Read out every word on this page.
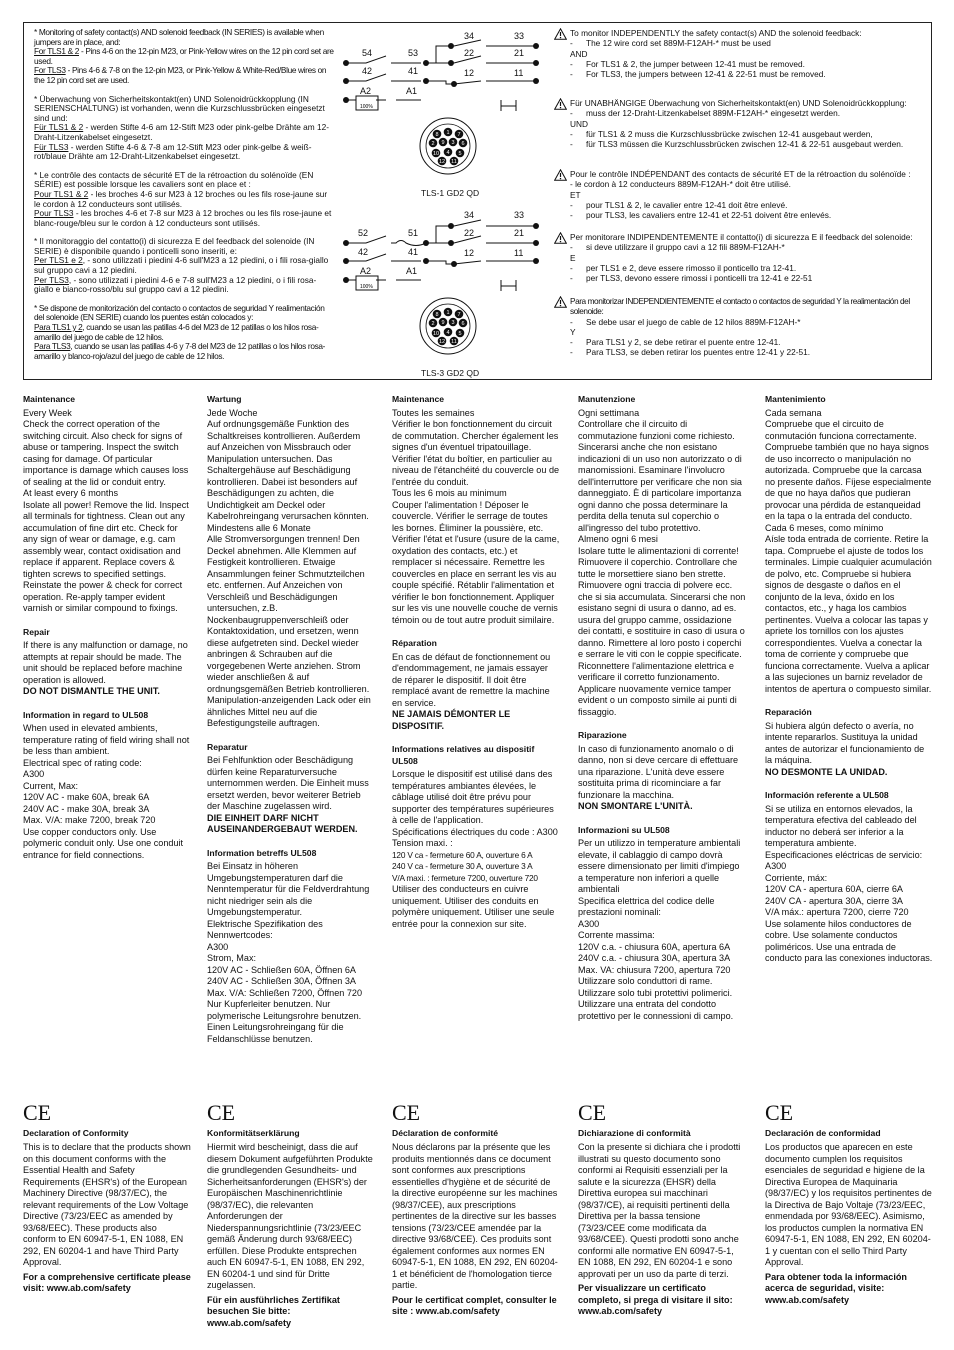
* Monitoring of safety contact(s) AND solenoid feedback (IN SERIES) is available when jumpers are in place, and:
For TLS1 & 2 - Pins 4-6 on the 12-pin M23, or Pink-Yellow wires on the 12 pin cord set are used.
For TLS3 - Pins 4-6 & 7-8 on the 12-pin M23, or Pink-Yellow & White-Red/Blue wires on the 12 pin cord set are used.

* Überwachung von Sicherheitskontakt(en) UND Solenoidrückkopplung (IN SERIENSCHALTUNG) ist vorhanden, wenn die Kurzschlussbrücken eingesetzt sind und:
Für TLS1 & 2 - werden Stifte 4-6 am 12-Stift M23 oder pink-gelbe Drähte am 12-Draht-Litzenkabelset eingesetzt.
Für TLS3 - werden Stifte 4-6 & 7-8 am 12-Stift M23 oder pink-gelbe & weiß-rot/blaue Drähte am 12-Draht-Litzenkabelset eingesetzt.

* Le contrôle des contacts de sécurité ET de la rétroaction du solénoïde (EN SÉRIE) est possible lorsque les cavaliers sont en place et :
Pour TLS1 & 2 - les broches 4-6 sur M23 à 12 broches ou les fils rose-jaune sur le cordon à 12 conducteurs sont utilisés.
Pour TLS3 - les broches 4-6 et 7-8 sur M23 à 12 broches ou les fils rose-jaune et blanc-rouge/bleu sur le cordon à 12 conducteurs sont utilisés.

* Il monitoraggio del contatto(i) di sicurezza E del feedback del solenoide (IN SERIE) è disponibile quando i ponticelli sono inseriti, e:
Per TLS1 e 2, - sono utilizzati i piedini 4-6 sull'M23 a 12 piedini, o i fili rosa-giallo sul gruppo cavi a 12 piedini.
Per TLS3, - sono utilizzati i piedini 4-6 e 7-8 sull'M23 a 12 piedini, o i fili rosa-giallo e bianco-rosso/blu sul gruppo cavi a 12 piedini.

* Se dispone de monitorización del contacto o contactos de seguridad Y realimentación del solenoide (EN SERIE) cuando los puentes están colocados y:
Para TLS1 y 2, cuando se usan las patillas 4-6 del M23 de 12 patillas o los hilos rosa-amarillo del juego de cable de 12 hilos.
Para TLS3, cuando se usan las patillas 4-6 y 7-8 del M23 de 12 patillas o los hilos rosa-amarillo y blanco-rojo/azul del juego de cable de 12 hilos.

54	53
34	33
22	21
42	41	12	11
A2	A1
100%
8 1 7
2 9 3 6
10 4 5
12 11
TLS-1 GD2 QD
52	51
34	33
22	21
42	41	12	11
A2	A1
100%
8 1 7
2 9 3 6
10 4 5
12 11
TLS-3 GD2 QD
To monitor INDEPENDENTLY the safety contact(s) AND the solenoid feedback:
- The 12 wire cord set 889M-F12AH-* must be used
AND
- For TLS1 & 2, the jumper between 12-41 must be removed.
- For TLS3, the jumpers between 12-41 & 22-51 must be removed.
Für UNABHÄNGIGE Überwachung von Sicherheitskontakt(en) UND Solenoidrückkopplung:
- muss der 12-Draht-Litzenkabelset 889M-F12AH-* eingesetzt werden.
UND
- für TLS1 & 2 muss die Kurzschlussbrücke zwischen 12-41 ausgebaut werden,
- für TLS3 müssen die Kurzschlussbrücken zwischen 12-41 & 22-51 ausgebaut werden.
Pour le contrôle INDÉPENDANT des contacts de sécurité ET de la rétroaction du solénoïde :
- le cordon à 12 conducteurs 889M-F12AH-* doit être utilisé.
ET
- pour TLS1 & 2, le cavalier entre 12-41 doit être enlevé.
- pour TLS3, les cavaliers entre 12-41 et 22-51 doivent être enlevés.
Per monitorare INDIPENDENTEMENTE il contatto(i) di sicurezza E il feedback del solenoide:
- si deve utilizzare il gruppo cavi a 12 fili 889M-F12AH-*
E
- per TLS1 e 2, deve essere rimosso il ponticello tra 12-41.
- per TLS3, devono essere rimossi i ponticelli tra 12-41 e 22-51
Para monitorizar INDEPENDIENTEMENTE el contacto o contactos de seguridad Y la realimentación del solenoide:
- Se debe usar el juego de cable de 12 hilos 889M-F12AH-*
Y
- Para TLS1 y 2, se debe retirar el puente entre 12-41.
- Para TLS3, se deben retirar los puentes entre 12-41 y 22-51.
Maintenance
Every Week
Check the correct operation of the switching circuit. Also check for signs of abuse or tampering. Inspect the switch casing for damage. Of particular importance is damage which causes loss of sealing at the lid or conduit entry.
At least every 6 months
Isolate all power! Remove the lid. Inspect all terminals for tightness. Clean out any accumulation of fine dirt etc. Check for any sign of wear or damage, e.g. cam assembly wear, contact oxidisation and replace if apparent. Replace covers & tighten screws to specified settings. Reinstate the power & check for correct operation. Re-apply tamper evident varnish or similar compound to fixings.
Repair
If there is any malfunction or damage, no attempts at repair should be made. The unit should be replaced before machine operation is allowed.
DO NOT DISMANTLE THE UNIT.
Information in regard to UL508
When used in elevated ambients, temperature rating of field wiring shall not be less than ambient.
Electrical spec of rating code:
A300
Current, Max:
120V AC - make 60A, break 6A
240V AC - make 30A, break 3A
Max. V/A: make 7200, break 720
Use copper conductors only. Use polymeric conduit only. Use one conduit entrance for field connections.
Wartung
Jede Woche
Auf ordnungsgemäße Funktion des Schaltkreises kontrollieren. Außerdem auf Anzeichen von Missbrauch oder Manipulation untersuchen. Das Schaltergehäuse auf Beschädigung kontrollieren. Dabei ist besonders auf Beschädigungen zu achten, die Undichtigkeit am Deckel oder Kabelrohreingang verursachen könnten.
Mindestens alle 6 Monate
Alle Stromversorgungen trennen! Den Deckel abnehmen. Alle Klemmen auf Festigkeit kontrollieren. Etwaige Ansammlungen feiner Schmutzteilchen etc. entfernen. Auf Anzeichen von Verschleiß und Beschädigungen untersuchen, z.B. Nockenbaugruppenverschleiß oder Kontaktoxidation, und ersetzen, wenn diese aufgetreten sind. Deckel wieder anbringen & Schrauben auf die vorgegebenen Werte anziehen. Strom wieder anschließen & auf ordnungsgemäßen Betrieb kontrollieren. Manipulation-anzeigenden Lack oder ein ähnliches Mittel neu auf die Befestigungsteile auftragen.
Reparatur
Bei Fehlfunktion oder Beschädigung dürfen keine Reparaturversuche unternommen werden. Die Einheit muss ersetzt werden, bevor weiterer Betrieb der Maschine zugelassen wird.
DIE EINHEIT DARF NICHT AUSEINANDERGEBAUT WERDEN.
Information betreffs UL508
Bei Einsatz in höheren Umgebungstemperaturen darf die Nenntemperatur für die Feldverdrahtung nicht niedriger sein als die Umgebungstemperatur.
Elektrische Spezifikation des Nennwertcodes:
A300
Strom, Max:
120V AC - Schließen 60A, Öffnen 6A
240V AC - Schließen 30A, Öffnen 3A
Max. V/A: Schließen 7200, Öffnen 720
Nur Kupferleiter benutzen. Nur polymerische Leitungsrohre benutzen. Einen Leitungsrohreingang für die Feldanschlüsse benutzen.
Maintenance
Toutes les semaines
Vérifier le bon fonctionnement du circuit de commutation. Chercher également les signes d'un éventuel tripatouillage. Vérifier l'état du boîtier, en particulier au niveau de l'étanchéité du couvercle ou de l'entrée du conduit.
Tous les 6 mois au minimum
Couper l'alimentation ! Déposer le couvercle. Vérifier le serrage de toutes les bornes. Éliminer la poussière, etc. Vérifier l'état et l'usure (usure de la came, oxydation des contacts, etc.) et remplacer si nécessaire. Remettre les couvercles en place en serrant les vis au couple spécifié. Rétablir l'alimentation et vérifier le bon fonctionnement. Appliquer sur les vis une nouvelle couche de vernis témoin ou de tout autre produit similaire.
Réparation
En cas de défaut de fonctionnement ou d'endommagement, ne jamais essayer de réparer le dispositif. Il doit être remplacé avant de remettre la machine en service.
NE JAMAIS DÉMONTER LE DISPOSITIF.
Informations relatives au dispositif UL508
Lorsque le dispositif est utilisé dans des températures ambiantes élevées, le câblage utilisé doit être prévu pour supporter des températures supérieures à celle de l'application.
Spécifications électriques du code : A300
Tension maxi. :
120 V ca - fermeture 60 A, ouverture 6 A
240 V ca - fermeture 30 A, ouverture 3 A
V/A maxi. : fermeture 7200, ouverture 720
Utiliser des conducteurs en cuivre uniquement. Utiliser des conduits en polymère uniquement. Utiliser une seule entrée pour la connexion sur site.
Manutenzione
Ogni settimana
Controllare che il circuito di commutazione funzioni come richiesto. Sincerarsi anche che non esistano indicazioni di un uso non autorizzato o di manomissioni. Esaminare l'involucro dell'interruttore per verificare che non sia danneggiato. È di particolare importanza ogni danno che possa determinare la perdita della tenuta sul coperchio o all'ingresso del tubo protettivo.
Almeno ogni 6 mesi
Isolare tutte le alimentazioni di corrente! Rimuovere il coperchio. Controllare che tutte le morsettiere siano ben strette. Rimuovere ogni traccia di polvere ecc. che si sia accumulata. Sincerarsi che non esistano segni di usura o danno, ad es. usura del gruppo camme, ossidazione dei contatti, e sostituire in caso di usura o danno. Rimettere al loro posto i coperchi e serrare le viti con le coppie specificate. Riconnettere l'alimentazione elettrica e verificare il corretto funzionamento. Applicare nuovamente vernice tamper evident o un composto simile ai punti di fissaggio.
Riparazione
In caso di funzionamento anomalo o di danno, non si deve cercare di effettuare una riparazione. L'unità deve essere sostituita prima di ricominciare a far funzionare la macchina.
NON SMONTARE L'UNITÀ.
Informazioni su UL508
Per un utilizzo in temperature ambientali elevate, il cablaggio di campo dovrà essere dimensionato per limiti d'impiego a temperature non inferiori a quelle ambientali
Specifica elettrica del codice delle prestazioni nominali:
A300
Corrente massima:
120V c.a. - chiusura 60A, apertura 6A
240V c.a. - chiusura 30A, apertura 3A
Max. VA: chiusura 7200, apertura 720
Utilizzare solo conduttori di rame. Utilizzare solo tubi protettivi polimerici. Utilizzare una entrata del condotto protettivo per le connessioni di campo.
Mantenimiento
Cada semana
Compruebe que el circuito de conmutación funciona correctamente. Compruebe también que no haya signos de uso incorrecto o manipulación no autorizada. Compruebe que la carcasa no presente daños. Fíjese especialmente de que no haya daños que pudieran provocar una pérdida de estanqueidad en la tapa o la entrada del conducto.
Cada 6 meses, como mínimo
Aísle toda entrada de corriente. Retire la tapa. Compruebe el ajuste de todos los terminales. Limpie cualquier acumulación de polvo, etc. Compruebe si hubiera signos de desgaste o daños en el conjunto de la leva, óxido en los contactos, etc., y haga los cambios pertinentes. Vuelva a colocar las tapas y apriete los tornillos con los ajustes correspondientes. Vuelva a conectar la toma de corriente y compruebe que funciona correctamente. Vuelva a aplicar a las sujeciones un barniz revelador de intentos de apertura o compuesto similar.
Reparación
Si hubiera algún defecto o avería, no intente repararlos. Sustituya la unidad antes de autorizar el funcionamiento de la máquina.
NO DESMONTE LA UNIDAD.
Información referente a UL508
Si se utiliza en entornos elevados, la temperatura efectiva del cableado del inductor no deberá ser inferior a la temperatura ambiente.
Especificaciones eléctricas de servicio:
A300
Corriente, máx:
120V CA - apertura 60A, cierre 6A
240V CA - apertura 30A, cierre 3A
V/A máx.: apertura 7200, cierre 720
Use solamente hilos conductores de cobre. Use solamente conductos poliméricos. Use una entrada de conducto para las conexiones inductoras.
CE
Declaration of Conformity
This is to declare that the products shown on this document conforms with the Essential Health and Safety Requirements (EHSR's) of the European Machinery Directive (98/37/EC), the relevant requirements of the Low Voltage Directive (73/23/EEC as amended by 93/68/EEC). These products also conform to EN 60947-5-1, EN 1088, EN 292, EN 60204-1 and have Third Party Approval.
For a comprehensive certificate please visit: www.ab.com/safety
CE
Konformitätserklärung
Hiermit wird bescheinigt, dass die auf diesem Dokument aufgeführten Produkte die grundlegenden Gesundheits- und Sicherheitsanforderungen (EHSR's) der Europäischen Maschinenrichtlinie (98/37/EC), die relevanten Anforderungen der Niederspannungsrichtlinie (73/23/EEC gemäß Änderung durch 93/68/EEC) erfüllen. Diese Produkte entsprechen auch EN 60947-5-1, EN 1088, EN 292, EN 60204-1 und sind für Dritte zugelassen.
Für ein ausführliches Zertifikat besuchen Sie bitte: www.ab.com/safety
CE
Déclaration de conformité
Nous déclarons par la présente que les produits mentionnés dans ce document sont conformes aux prescriptions essentielles d'hygiène et de sécurité de la directive européenne sur les machines (98/37/CEE), aux prescriptions pertinentes de la directive sur les basses tensions (73/23/CEE amendée par la directive 93/68/CEE). Ces produits sont également conformes aux normes EN 60947-5-1, EN 1088, EN 292, EN 60204-1 et bénéficient de l'homologation tierce partie.
Pour le certificat complet, consulter le site : www.ab.com/safety
CE
Dichiarazione di conformità
Con la presente si dichiara che i prodotti illustrati su questo documento sono conformi ai Requisiti essenziali per la salute e la sicurezza (EHSR) della Direttiva europea sui macchinari (98/37/CE), ai requisiti pertinenti della Direttiva per la bassa tensione (73/23/CEE come modificata da 93/68/CEE). Questi prodotti sono anche conformi alle normative EN 60947-5-1, EN 1088, EN 292, EN 60204-1 e sono approvati per un uso da parte di terzi.
Per visualizzare un certificato completo, si prega di visitare il sito: www.ab.com/safety
CE
Declaración de conformidad
Los productos que aparecen en este documento cumplen los requisitos esenciales de seguridad e higiene de la Directiva Europea de Maquinaria (98/37/EC) y los requisitos pertinentes de la Directiva de Bajo Voltaje (73/23/EEC, enmendada por 93/68/EEC). Asimismo, los productos cumplen la normativa EN 60947-5-1, EN 1088, EN 292, EN 60204-1 y cuentan con el sello Third Party Approval.
Para obtener toda la información acerca de seguridad, visite: www.ab.com/safety
